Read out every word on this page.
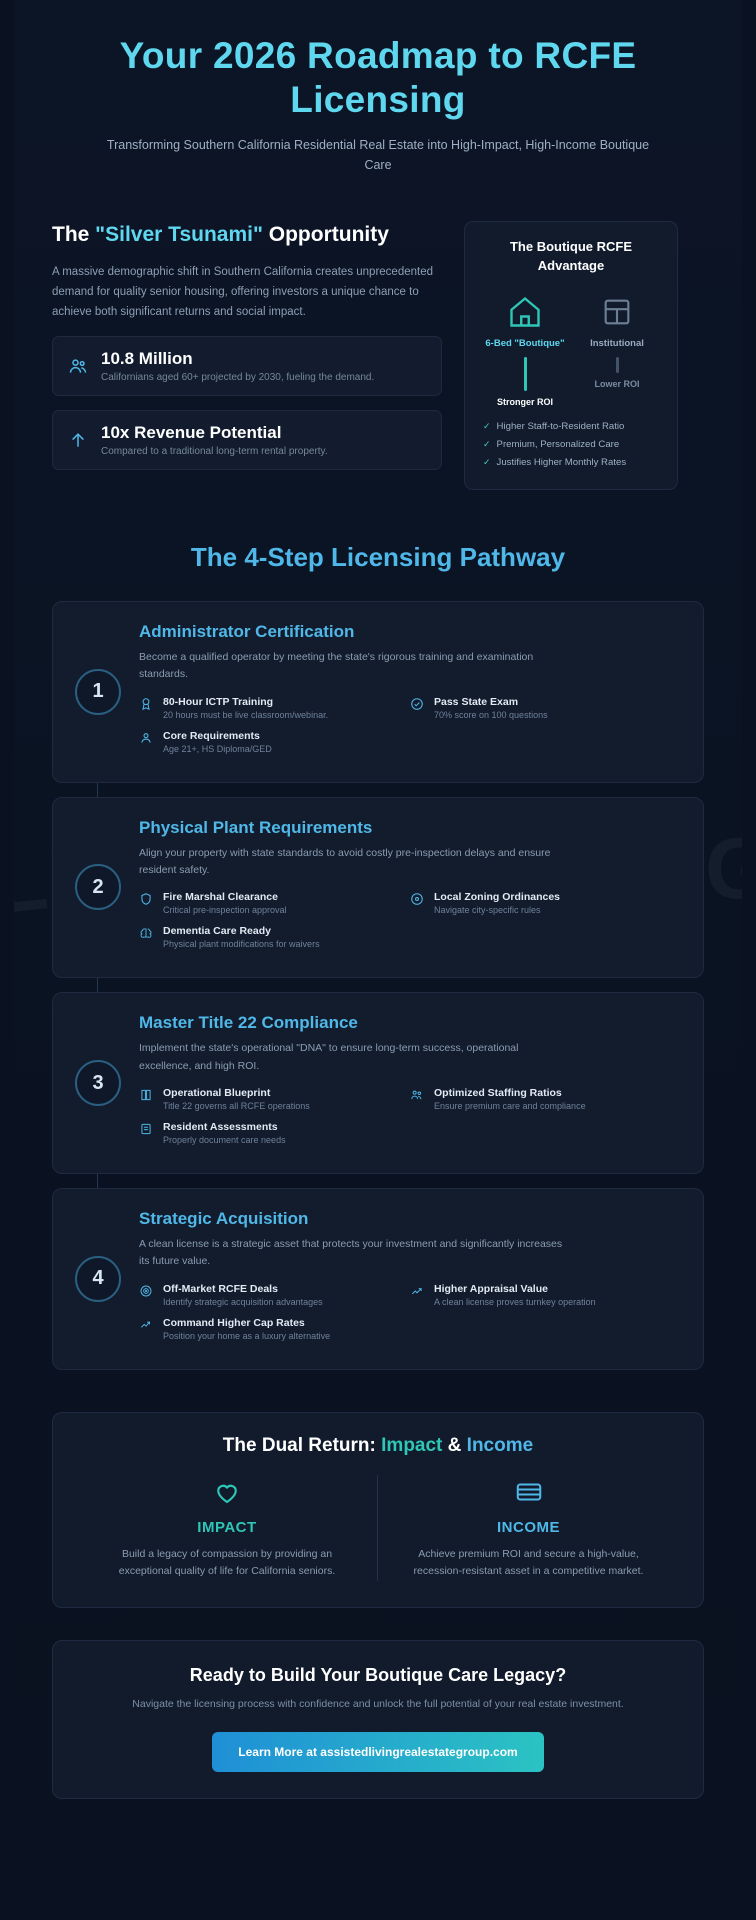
Your 2026 Roadmap to RCFE Licensing

Transforming Southern California Residential Real Estate into High-Impact, High-Income Boutique Care

The "Silver Tsunami" Opportunity

A massive demographic shift in Southern California creates unprecedented demand for quality senior housing, offering investors a unique chance to achieve both significant returns and social impact.

10.8 Million
Californians aged 60+ projected by 2030, fueling the demand.
10x Revenue Potential
Compared to a traditional long-term rental property.
The Boutique RCFE Advantage
6-Bed "Boutique"
Stronger ROI
Institutional
Lower ROI
✓ Higher Staff-to-Resident Ratio
✓ Premium, Personalized Care
✓ Justifies Higher Monthly Rates
The 4-Step Licensing Pathway
1
Administrator Certification

Become a qualified operator by meeting the state's rigorous training and examination standards.

80-Hour ICTP Training
20 hours must be live classroom/webinar.
Pass State Exam
70% score on 100 questions
Core Requirements
Age 21+, HS Diploma/GED
2
Physical Plant Requirements

Align your property with state standards to avoid costly pre-inspection delays and ensure resident safety.

Fire Marshal Clearance
Critical pre-inspection approval
Local Zoning Ordinances
Navigate city-specific rules
Dementia Care Ready
Physical plant modifications for waivers
3
Master Title 22 Compliance

Implement the state's operational "DNA" to ensure long-term success, operational excellence, and high ROI.

Operational Blueprint
Title 22 governs all RCFE operations
Optimized Staffing Ratios
Ensure premium care and compliance
Resident Assessments
Properly document care needs
4
Strategic Acquisition

A clean license is a strategic asset that protects your investment and significantly increases its future value.

Off-Market RCFE Deals
Identify strategic acquisition advantages
Higher Appraisal Value
A clean license proves turnkey operation
Command Higher Cap Rates
Position your home as a luxury alternative
The Dual Return: Impact & Income
IMPACT

Build a legacy of compassion by providing an exceptional quality of life for California seniors.

INCOME

Achieve premium ROI and secure a high-value, recession-resistant asset in a competitive market.

Ready to Build Your Boutique Care Legacy?

Navigate the licensing process with confidence and unlock the full potential of your real estate investment.

Learn More at assistedlivingrealestategroup.com
